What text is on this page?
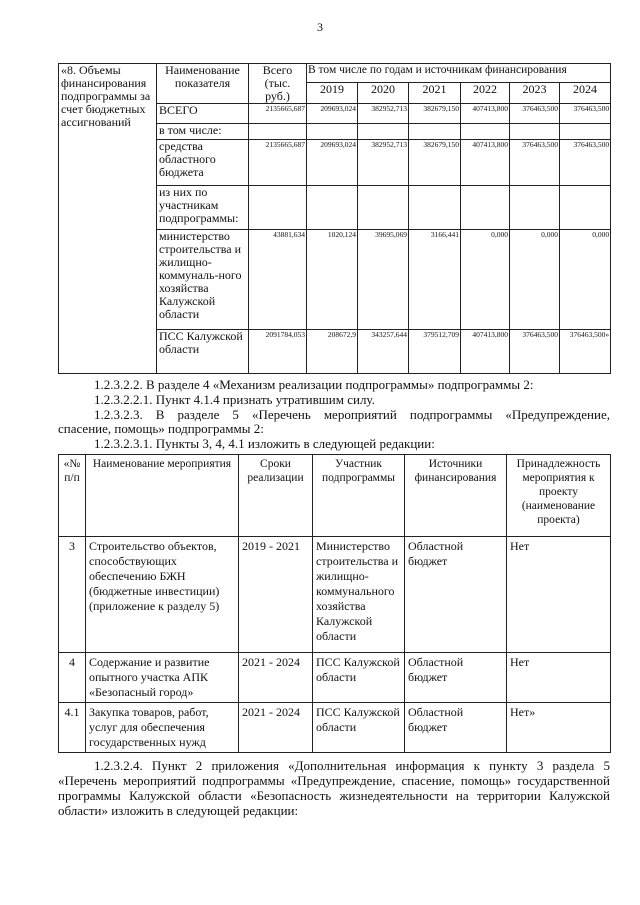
3
«8. Объемы финансирования подпрограммы за счет бюджетных ассигнований	Наименование показателя	Всего (тыс. руб.)	В том числе по годам и источникам финансирования					
			2019	2020	2021	2022	2023	2024
	ВСЕГО	2135665,687	209693,024	382952,713	382679,150	407413,800	376463,500	376463,500
	в том числе:							
	средства областного бюджета	2135665,687	209693,024	382952,713	382679,150	407413,800	376463,500	376463,500
	из них по участникам подпрограммы:							
	министерство строительства и жилищно-коммуналь-ного хозяйства Калужской области	43881,634	1020,124	39695,069	3166,441	0,000	0,000	0,000
	ПСС Калужской области	2091784,053	208672,9	343257,644	379512,709	407413,800	376463,500	376463,500»
1.2.3.2.2. В разделе 4 «Механизм реализации подпрограммы» подпрограммы 2:
1.2.3.2.2.1. Пункт 4.1.4 признать утратившим силу.
1.2.3.2.3. В разделе 5 «Перечень мероприятий подпрограммы «Предупреждение,
спасение, помощь» подпрограммы 2:
1.2.3.2.3.1. Пункты 3, 4, 4.1 изложить в следующей редакции:
«№ п/п	Наименование мероприятия	Сроки реализации	Участник подпрограммы	Источники финансирования	Принадлежность мероприятия к проекту (наименование проекта)
3	Строительство объектов, способствующих обеспечению БЖН (бюджетные инвестиции) (приложение к разделу 5)	2019 - 2021	Министерство строительства и жилищно-коммунального хозяйства Калужской области	Областной бюджет	Нет
4	Содержание и развитие опытного участка АПК «Безопасный город»	2021 - 2024	ПСС Калужской области	Областной бюджет	Нет
4.1	Закупка товаров, работ, услуг для обеспечения государственных нужд	2021 - 2024	ПСС Калужской области	Областной бюджет	Нет»
1.2.3.2.4. Пункт 2 приложения «Дополнительная информация к пункту 3 раздела 5 «Перечень мероприятий подпрограммы «Предупреждение, спасение, помощь» государственной программы Калужской области «Безопасность жизнедеятельности на территории Калужской области» изложить в следующей редакции:
